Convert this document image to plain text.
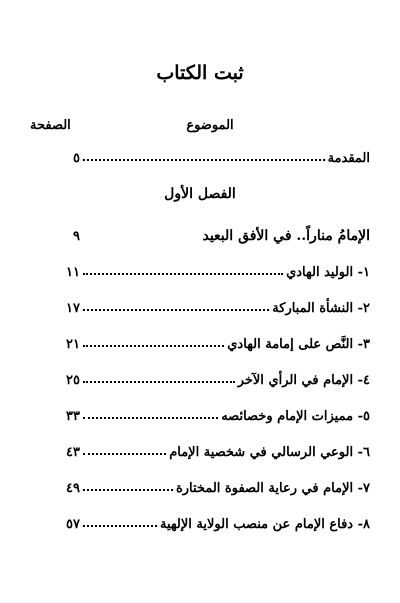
ثبت الكتاب
الموضوع
الصفحة
المقدمة
٥
الفصل الأول
الإمامُ مناراً.. في الأفق البعيد
٩
١- الوليد الهادي
١١
٢- النشأة المباركة
١٧
٣- النَّص على إمامة الهادي
٢١
٤- الإمام في الرأي الآخر
٢٥
٥- مميزات الإمام وخصائصه
٣٣
٦- الوعي الرسالي في شخصية الإمام
٤٣
٧- الإمام في رعاية الصفوة المختارة
٤٩
٨- دفاع الإمام عن منصب الولاية الإلهية
٥٧
